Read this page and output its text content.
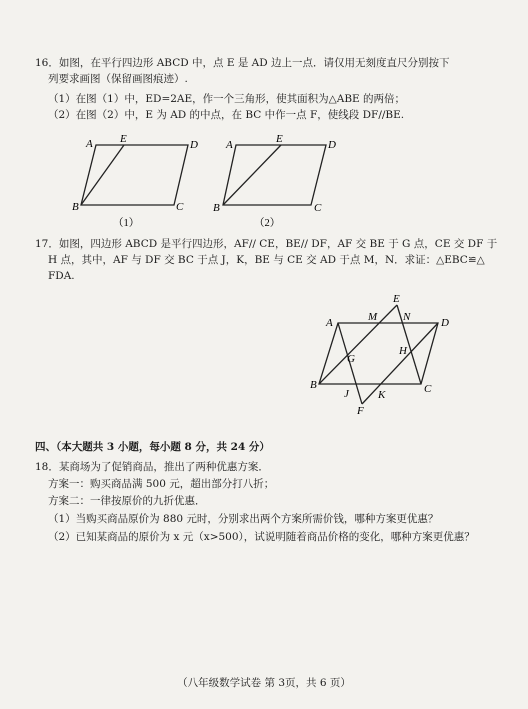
16．如图，在平行四边形 ABCD 中，点 E 是 AD 边上一点．请仅用无刻度直尺分别按下
列要求画图（保留画图痕迹）.
（1）在图（1）中，ED=2AE，作一个三角形，使其面积为△ABE 的两倍；
（2）在图（2）中，E 为 AD 的中点，在 BC 中作一点 F，使线段 DF//BE.
A E	D
B	C
（1）
A	E	D
B	C
（2）
A	D
B	C
E
F
G
H
J	K
M N
17．如图，四边形 ABCD 是平行四边形，AF// CE，BE// DF，AF 交 BE 于 G 点，CE 交 DF 于
H 点，其中，AF 与 DF 交 BC 于点 J，K，BE 与 CE 交 AD 于点 M，N．求证：△EBC≌△
FDA.
四、（本大题共 3 小题，每小题 8 分，共 24 分）
18．某商场为了促销商品，推出了两种优惠方案．
方案一：购买商品满 500 元，超出部分打八折；
方案二：一律按原价的九折优惠．
（1）当购买商品原价为 880 元时，分别求出两个方案所需价钱，哪种方案更优惠？
（2）已知某商品的原价为 x 元（x>500），试说明随着商品价格的变化，哪种方案更优惠？
（八年级数学试卷 第 3页，共 6 页）
